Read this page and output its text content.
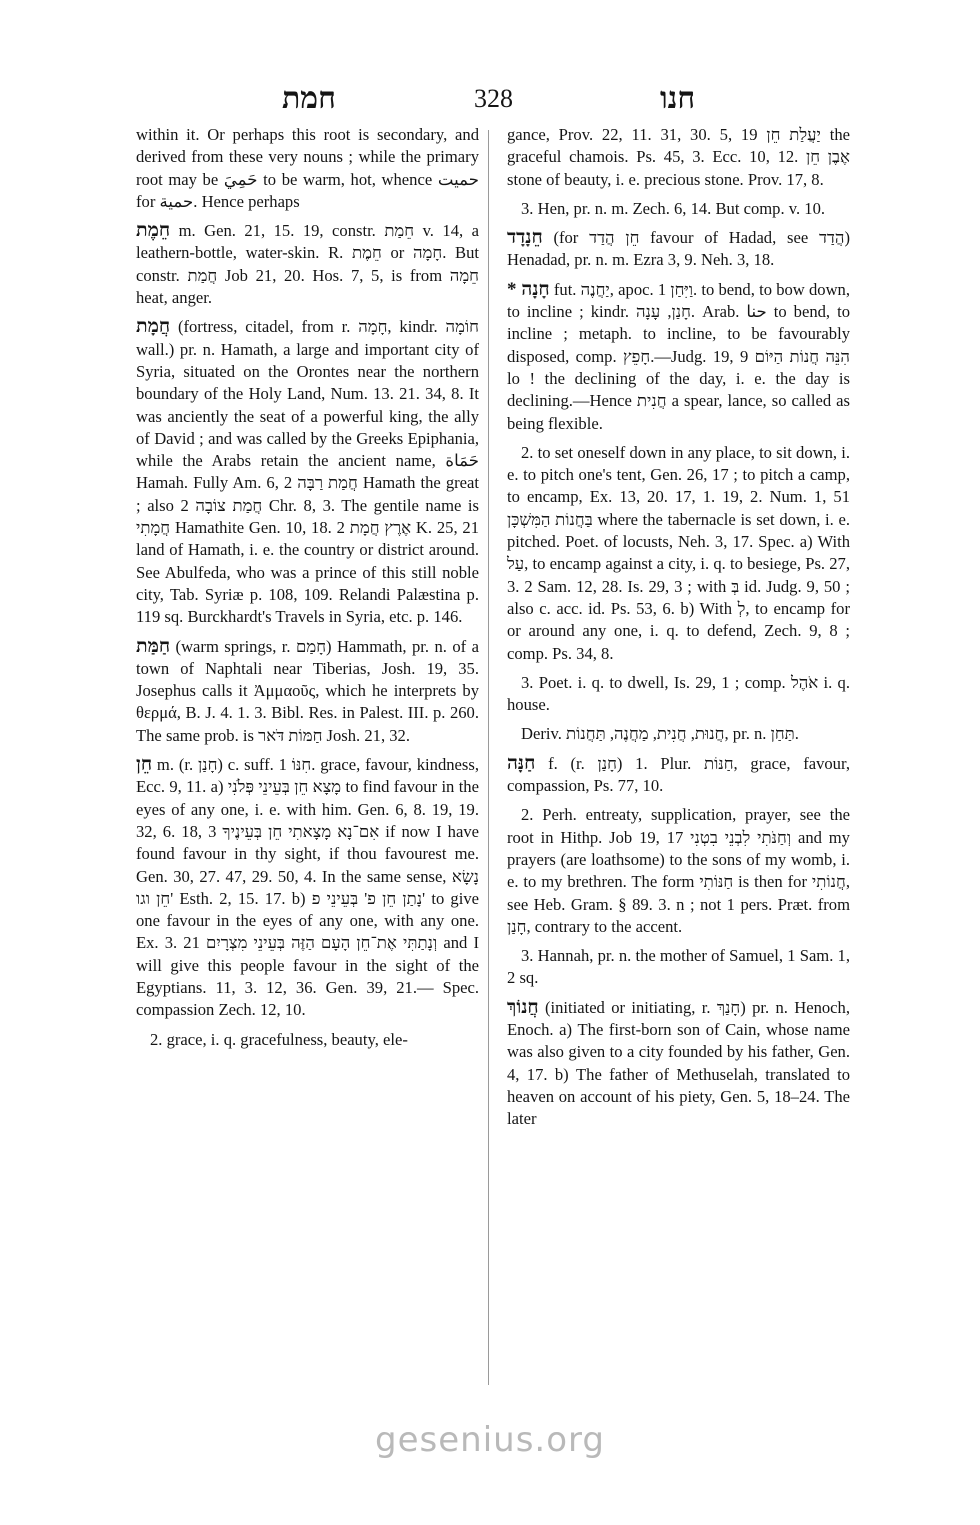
חמת	328	חנו

within it. Or perhaps this root is secondary, and derived from these very nouns ; while the primary root may be حَمِيَ to be warm, hot, whence حميت for حمية. Hence perhaps

חֵמֶת m. Gen. 21, 15. 19, constr. חֵמַת v. 14, a leathern-bottle, water-skin. R. חֵמֶת or חָמָה. But constr. חֲמַת Job 21, 20. Hos. 7, 5, is from חֵמָה heat, anger.

חֲמָת (fortress, citadel, from r. חָמָה, kindr. חוֹמָה wall.) pr. n. Hamath, a large and important city of Syria, situated on the Orontes near the northern boundary of the Holy Land, Num. 13. 21. 34, 8. It was anciently the seat of a powerful king, the ally of David ; and was called by the Greeks Epiphania, while the Arabs retain the ancient name, حَمَاة Hamah. Fully Am. 6, 2 חֲמַת רַבָּה Hamath the great ; also חֲמַת צוֹבָה 2 Chr. 8, 3. The gentile name is חֲמָתִי Hamathite Gen. 10, 18. אֶרֶץ חֲמָת 2 K. 25, 21 land of Hamath, i. e. the country or district around. See Abulfeda, who was a prince of this still noble city, Tab. Syriæ p. 108, 109. Relandi Palæstina p. 119 sq. Burckhardt's Travels in Syria, etc. p. 146.

חַמַּת (warm springs, r. חָמַם) Hammath, pr. n. of a town of Naphtali near Tiberias, Josh. 19, 35. Josephus calls it Ἀμμαοῦς, which he interprets by θερμά, B. J. 4. 1. 3. Bibl. Res. in Palest. III. p. 260. The same prob. is חַמּוֹת דֹּאר Josh. 21, 32.

חֵן m. (r. חָנַן) c. suff. חִנּוֹ 1. grace, favour, kindness, Ecc. 9, 11. a) מָצָא חֵן בְּעֵינֵי פְּלֹנִי to find favour in the eyes of any one, i. e. with him. Gen. 6, 8. 19, 19. 32, 6. 18, 3 אִם־נָא מָצָאתִי חֵן בְּעֵינֶיךָ if now I have found favour in thy sight, if thou favourest me. Gen. 30, 27. 47, 29. 50, 4. In the same sense, נָשָׂא חֵן וגו' Esth. 2, 15. 17. b) נָתַן חֵן פ' בְּעֵינֵי פ' to give one favour in the eyes of any one, with any one. Ex. 3. 21 וְנָתַתִּי אֶת־חֵן הָעָם הַזֶּה בְּעֵינֵי מִצְרָיִם and I will give this people favour in the sight of the Egyptians. 11, 3. 12, 36. Gen. 39, 21.— Spec. compassion Zech. 12, 10.

2. grace, i. q. gracefulness, beauty, ele-

gance, Prov. 22, 11. 31, 30. 5, 19 יַעֲלַת חֵן the graceful chamois. Ps. 45, 3. Ecc. 10, 12. אֶבֶן חֵן stone of beauty, i. e. precious stone. Prov. 17, 8.

3. Hen, pr. n. m. Zech. 6, 14. But comp. v. 10.

חֵנָדָד (for חֵן הֲדַד favour of Hadad, see הֲדַד) Henadad, pr. n. m. Ezra 3, 9. Neh. 3, 18.

* חָנָה fut. יַחֲנֶה, apoc. וַיִּחַן 1. to bend, to bow down, to incline ; kindr. חָנַן, עָנָה. Arab. حنا to bend, to incline ; metaph. to incline, to be favourably disposed, comp. חָפֵץ.—Judg. 19, 9 הִנֵּה חֲנוֹת הַיּוֹם lo ! the declining of the day, i. e. the day is declining.—Hence חֲנִית a spear, lance, so called as being flexible.

2. to set oneself down in any place, to sit down, i. e. to pitch one's tent, Gen. 26, 17 ; to pitch a camp, to encamp, Ex. 13, 20. 17, 1. 19, 2. Num. 1, 51 בַּחֲנוֹת הַמִּשְׁכָּן where the tabernacle is set down, i. e. pitched. Poet. of locusts, Neh. 3, 17. Spec. a) With עַל, to encamp against a city, i. q. to besiege, Ps. 27, 3. 2 Sam. 12, 28. Is. 29, 3 ; with בְּ id. Judg. 9, 50 ; also c. acc. id. Ps. 53, 6. b) With לְ, to encamp for or around any one, i. q. to defend, Zech. 9, 8 ; comp. Ps. 34, 8.

3. Poet. i. q. to dwell, Is. 29, 1 ; comp. אֹהֶל i. q. house.

Deriv. חֲנוּת, חֲנִית, מַחֲנֶה, תַּחֲנוֹת, pr. n. תַּחַן.

חַנָּה f. (r. חָנַן) 1. Plur. חַנּוֹת, grace, favour, compassion, Ps. 77, 10.

2. Perh. entreaty, supplication, prayer, see the root in Hithp. Job 19, 17 וְחַנֹּתִי לִבְנֵי בִטְנִי and my prayers (are loathsome) to the sons of my womb, i. e. to my brethren. The form חַנּוֹתִי is then for חֲנוֹתִי, see Heb. Gram. § 89. 3. n ; not 1 pers. Præt. from חָנַן, contrary to the accent.

3. Hannah, pr. n. the mother of Samuel, 1 Sam. 1, 2 sq.

חֲנוֹךְ (initiated or initiating, r. חָנַךְ) pr. n. Henoch, Enoch. a) The first-born son of Cain, whose name was also given to a city founded by his father, Gen. 4, 17. b) The father of Methuselah, translated to heaven on account of his piety, Gen. 5, 18–24. The later

gesenius.org
